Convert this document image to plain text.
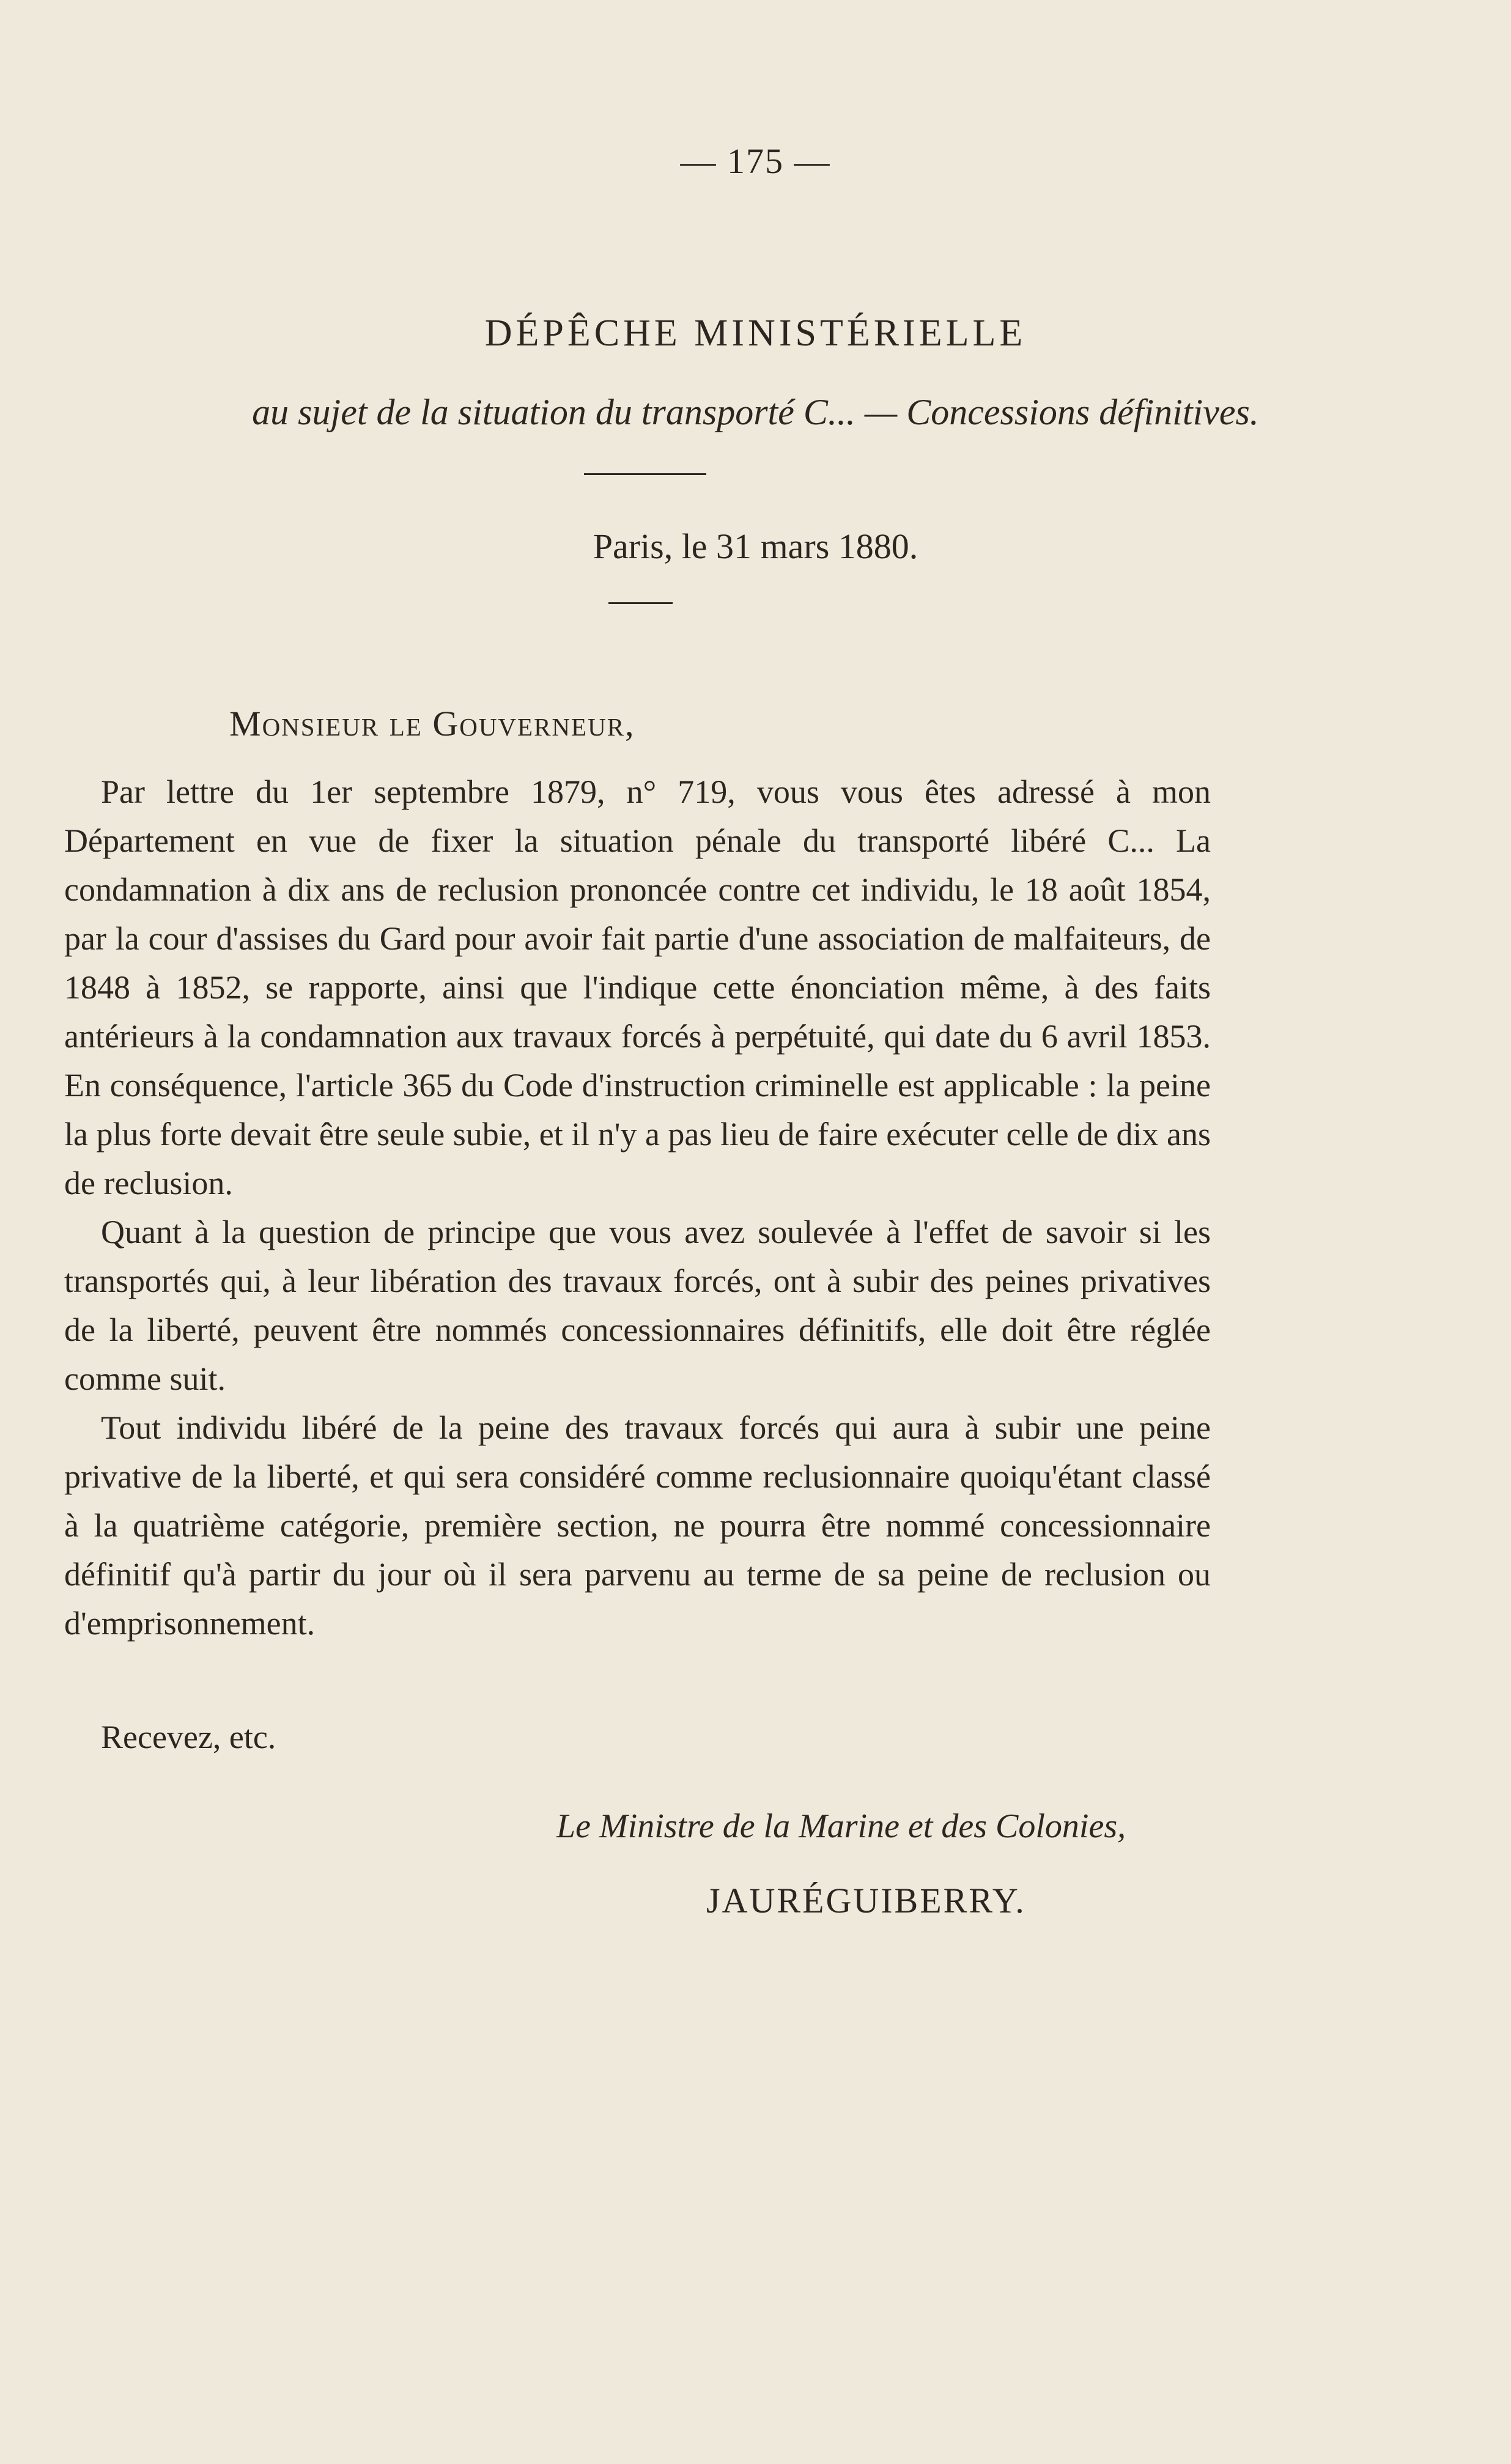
— 175 —
DÉPÊCHE MINISTÉRIELLE
au sujet de la situation du transporté C... — Concessions définitives.
Paris, le 31 mars 1880.
Monsieur le Gouverneur,

Par lettre du 1er septembre 1879, n° 719, vous vous êtes adressé à mon Département en vue de fixer la situation pénale du transporté libéré C... La condamnation à dix ans de reclusion prononcée contre cet individu, le 18 août 1854, par la cour d'assises du Gard pour avoir fait partie d'une association de malfaiteurs, de 1848 à 1852, se rapporte, ainsi que l'indique cette énonciation même, à des faits antérieurs à la condamnation aux travaux forcés à perpétuité, qui date du 6 avril 1853. En conséquence, l'article 365 du Code d'instruction criminelle est applicable : la peine la plus forte devait être seule subie, et il n'y a pas lieu de faire exécuter celle de dix ans de reclusion.

Quant à la question de principe que vous avez soulevée à l'effet de savoir si les transportés qui, à leur libération des travaux forcés, ont à subir des peines privatives de la liberté, peuvent être nommés concessionnaires définitifs, elle doit être réglée comme suit.

Tout individu libéré de la peine des travaux forcés qui aura à subir une peine privative de la liberté, et qui sera considéré comme reclusionnaire quoiqu'étant classé à la quatrième catégorie, première section, ne pourra être nommé concessionnaire définitif qu'à partir du jour où il sera parvenu au terme de sa peine de reclusion ou d'emprisonnement.

Recevez, etc.
Le Ministre de la Marine et des Colonies,
JAURÉGUIBERRY.
